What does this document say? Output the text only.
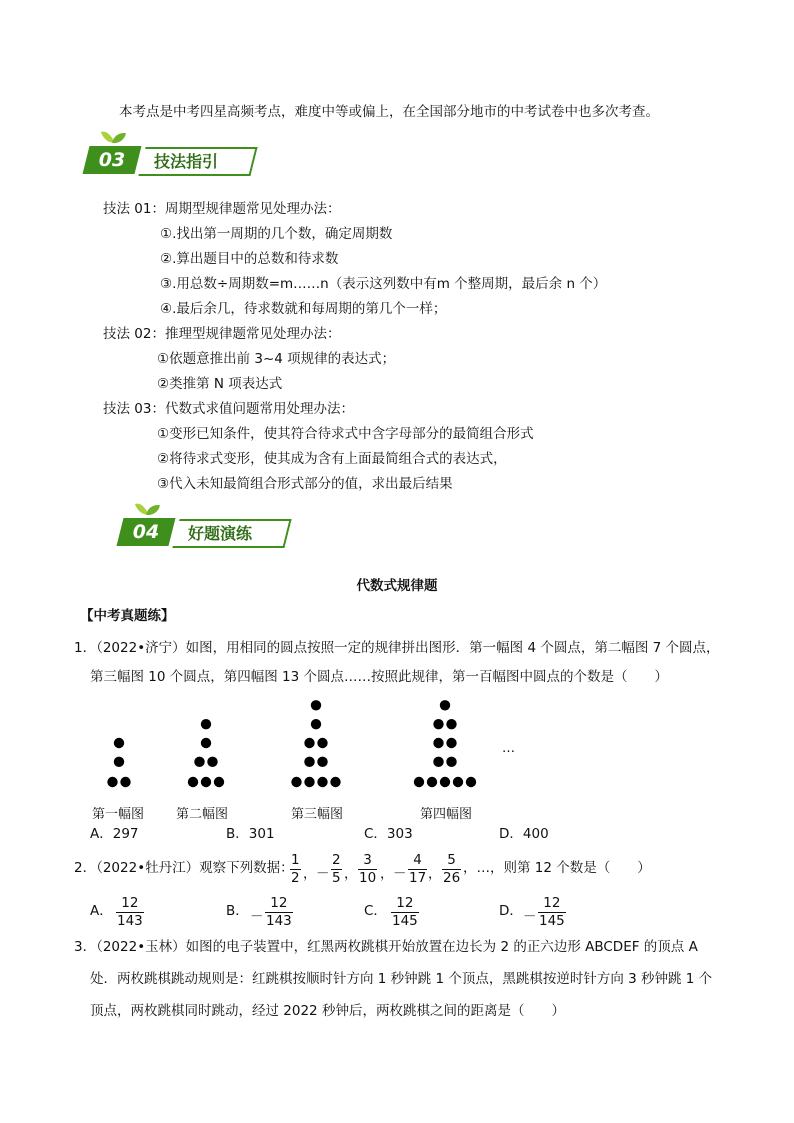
本考点是中考四星高频考点，难度中等或偏上，在全国部分地市的中考试卷中也多次考查。
03	技法指引
技法 01：周期型规律题常见处理办法：
①.找出第一周期的几个数，确定周期数
②.算出题目中的总数和待求数
③.用总数÷周期数=m……n（表示这列数中有m 个整周期，最后余 n 个）
④.最后余几，待求数就和每周期的第几个一样；
技法 02：推理型规律题常见处理办法：
①依题意推出前 3~4 项规律的表达式；
②类推第 N 项表达式
技法 03：代数式求值问题常用处理办法：
①变形已知条件，使其符合待求式中含字母部分的最简组合形式
②将待求式变形，使其成为含有上面最简组合式的表达式，
③代入未知最简组合形式部分的值，求出最后结果
04	好题演练
代数式规律题
【中考真题练】
1．（2022•济宁）如图，用相同的圆点按照一定的规律拼出图形．第一幅图 4 个圆点，第二幅图 7 个圆点，
第三幅图 10 个圆点，第四幅图 13 个圆点……按照此规律，第一百幅图中圆点的个数是（　　）
…
第一幅图 第二幅图	第三幅图	第四幅图
A．297	B．301	C．303	D．400
2．（2022•牡丹江）观察下列数据：
$\frac{1}{2}$ ， － $\frac{2}{5}$ ， $\frac{3}{10}$ ， － $\frac{4}{17}$ ， $\frac{5}{26}$ ，…，则第 12 个数是（　　）
A． $\frac{12}{143}$	B． － $\frac{12}{143}$	C． $\frac{12}{145}$	D． － $\frac{12}{145}$
3．（2022•玉林）如图的电子装置中，红黑两枚跳棋开始放置在边长为 2 的正六边形 ABCDEF 的顶点 A
处．两枚跳棋跳动规则是：红跳棋按顺时针方向 1 秒钟跳 1 个顶点，黑跳棋按逆时针方向 3 秒钟跳 1 个
顶点，两枚跳棋同时跳动，经过 2022 秒钟后，两枚跳棋之间的距离是（　　）
